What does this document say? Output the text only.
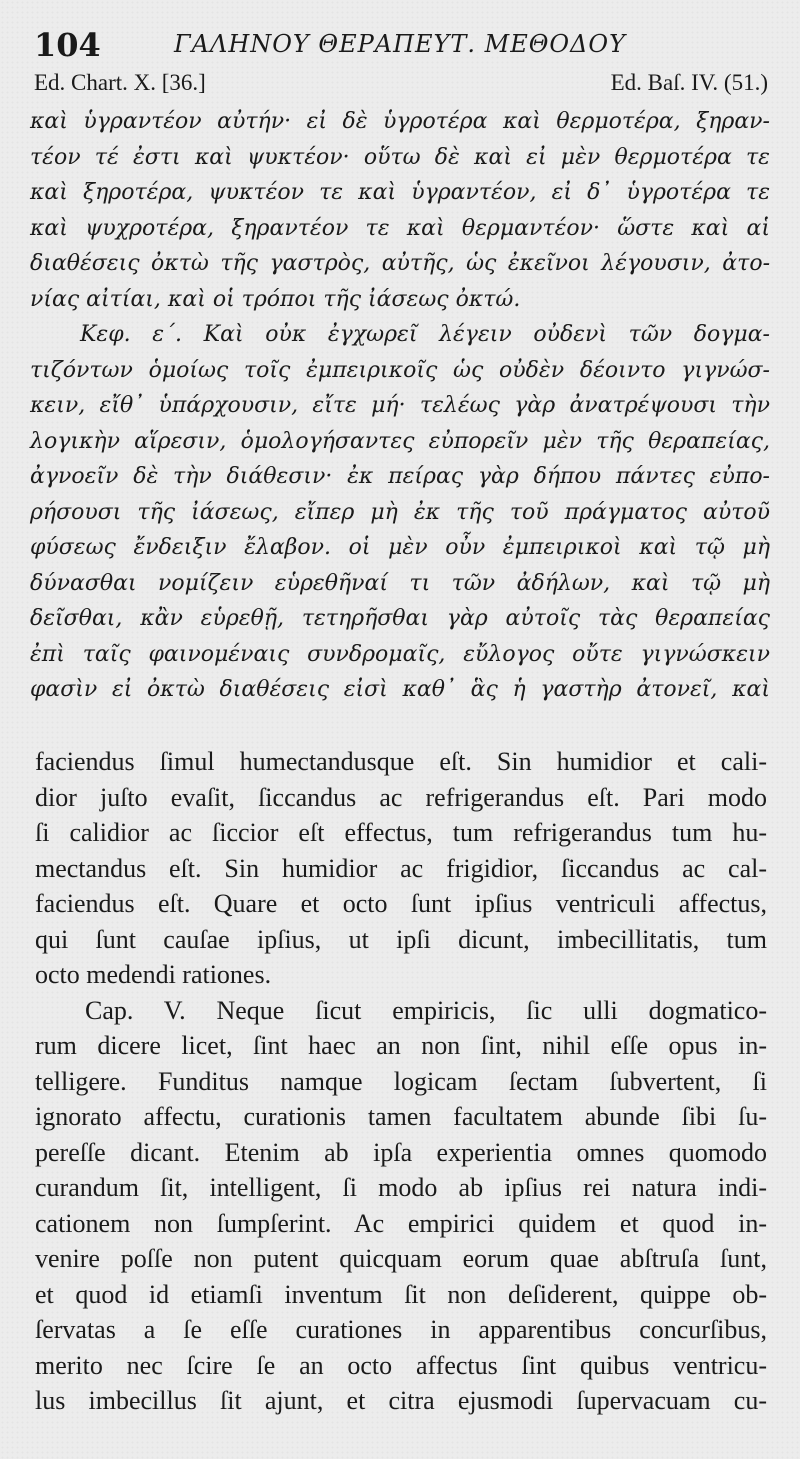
104	ΓΑΛΗΝΟΥ ΘΕΡΑΠΕΥΤ. ΜΕΘΟΔΟΥ
Ed. Chart. X. [36.]	Ed. Baſ. IV. (51.)
καὶ ὑγραντέον αὐτήν· εἰ δὲ ὑγροτέρα καὶ θερμοτέρα, ξηραν-
τέον τέ ἐστι καὶ ψυκτέον· οὕτω δὲ καὶ εἰ μὲν θερμοτέρα τε
καὶ ξηροτέρα, ψυκτέον τε καὶ ὑγραντέον, εἰ δ᾽ ὑγροτέρα τε
καὶ ψυχροτέρα, ξηραντέον τε καὶ θερμαντέον· ὥστε καὶ αἱ
διαθέσεις ὀκτὼ τῆς γαστρὸς, αὐτῆς, ὡς ἐκεῖνοι λέγουσιν, ἀτο-
νίας αἰτίαι, καὶ οἱ τρόποι τῆς ἰάσεως ὀκτώ.
Κεφ. ε΄. Καὶ οὐκ ἐγχωρεῖ λέγειν οὐδενὶ τῶν δογμα-
τιζόντων ὁμοίως τοῖς ἐμπειρικοῖς ὡς οὐδὲν δέοιντο γιγνώσ-
κειν, εἴθ᾽ ὑπάρχουσιν, εἴτε μή· τελέως γὰρ ἀνατρέψουσι τὴν
λογικὴν αἵρεσιν, ὁμολογήσαντες εὐπορεῖν μὲν τῆς θεραπείας,
ἀγνοεῖν δὲ τὴν διάθεσιν· ἐκ πείρας γὰρ δήπου πάντες εὐπο-
ρήσουσι τῆς ἰάσεως, εἴπερ μὴ ἐκ τῆς τοῦ πράγματος αὐτοῦ
φύσεως ἔνδειξιν ἔλαβον. οἱ μὲν οὖν ἐμπειρικοὶ καὶ τῷ μὴ
δύνασθαι νομίζειν εὑρεθῆναί τι τῶν ἀδήλων, καὶ τῷ μὴ
δεῖσθαι, κἂν εὑρεθῇ, τετηρῆσθαι γὰρ αὐτοῖς τὰς θεραπείας
ἐπὶ ταῖς φαινομέναις συνδρομαῖς, εὔλογος οὔτε γιγνώσκειν
φασὶν εἰ ὀκτὼ διαθέσεις εἰσὶ καθ᾽ ἃς ἡ γαστὴρ ἀτονεῖ, καὶ
faciendus ſimul humectandusque eſt. Sin humidior et cali-
dior juſto evaſit, ſiccandus ac refrigerandus eſt. Pari modo
ſi calidior ac ſiccior eſt effectus, tum refrigerandus tum hu-
mectandus eſt. Sin humidior ac frigidior, ſiccandus ac cal-
faciendus eſt. Quare et octo ſunt ipſius ventriculi affectus,
qui ſunt cauſae ipſius, ut ipſi dicunt, imbecillitatis, tum
octo medendi rationes.
Cap. V. Neque ſicut empiricis, ſic ulli dogmatico-
rum dicere licet, ſint haec an non ſint, nihil eſſe opus in-
telligere. Funditus namque logicam ſectam ſubvertent, ſi
ignorato affectu, curationis tamen facultatem abunde ſibi ſu-
pereſſe dicant. Etenim ab ipſa experientia omnes quomodo
curandum ſit, intelligent, ſi modo ab ipſius rei natura indi-
cationem non ſumpſerint. Ac empirici quidem et quod in-
venire poſſe non putent quicquam eorum quae abſtruſa ſunt,
et quod id etiamſi inventum ſit non deſiderent, quippe ob-
ſervatas a ſe eſſe curationes in apparentibus concurſibus,
merito nec ſcire ſe an octo affectus ſint quibus ventricu-
lus imbecillus ſit ajunt, et citra ejusmodi ſupervacuam cu-
